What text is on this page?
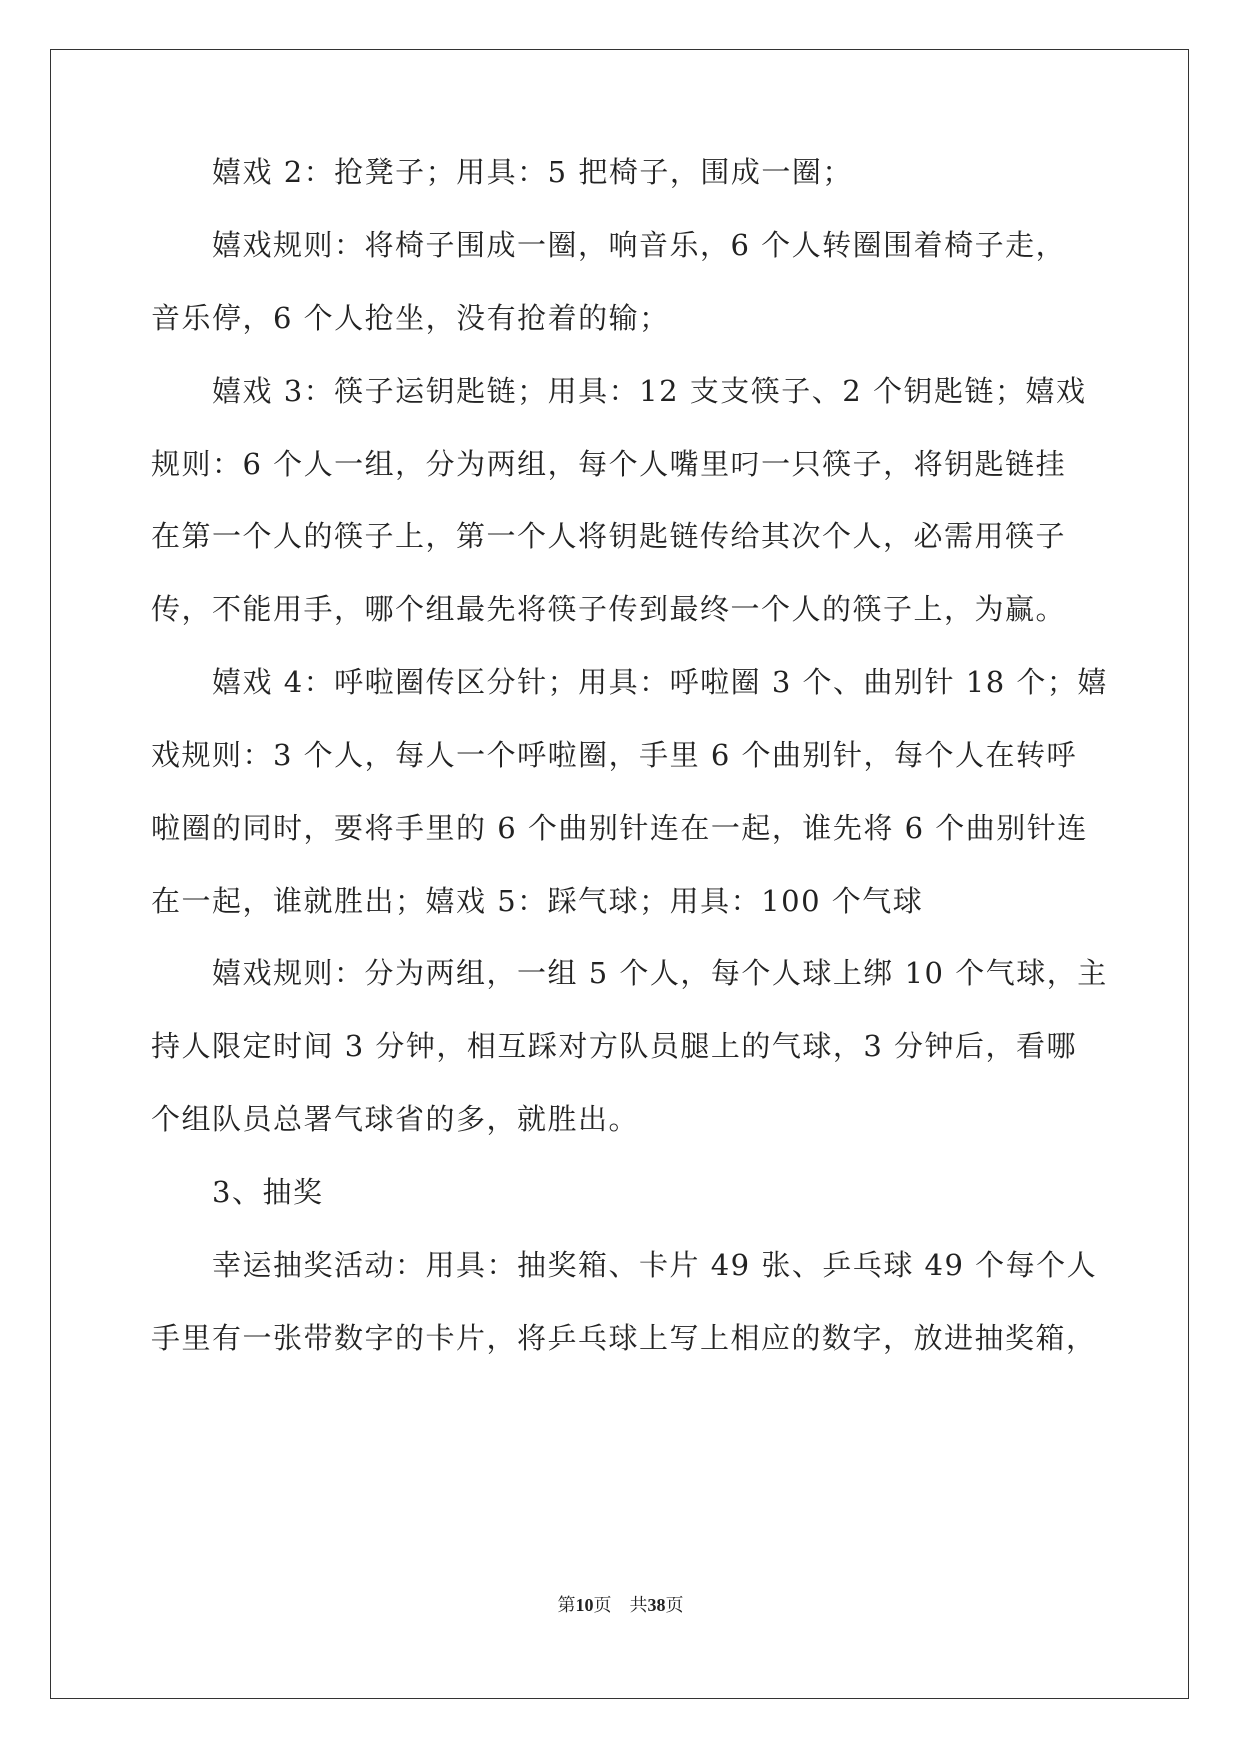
嬉戏 2：抢凳子；用具：5 把椅子，围成一圈；
嬉戏规则：将椅子围成一圈，响音乐，6 个人转圈围着椅子走，
音乐停，6 个人抢坐，没有抢着的输；
嬉戏 3：筷子运钥匙链；用具：12 支支筷子、2 个钥匙链；嬉戏
规则：6 个人一组，分为两组，每个人嘴里叼一只筷子，将钥匙链挂
在第一个人的筷子上，第一个人将钥匙链传给其次个人，必需用筷子
传，不能用手，哪个组最先将筷子传到最终一个人的筷子上，为赢。
嬉戏 4：呼啦圈传区分针；用具：呼啦圈 3 个、曲别针 18 个；嬉
戏规则：3 个人，每人一个呼啦圈，手里 6 个曲别针，每个人在转呼
啦圈的同时，要将手里的 6 个曲别针连在一起，谁先将 6 个曲别针连
在一起，谁就胜出；嬉戏 5：踩气球；用具：100 个气球
嬉戏规则：分为两组，一组 5 个人，每个人球上绑 10 个气球，主
持人限定时间 3 分钟，相互踩对方队员腿上的气球，3 分钟后，看哪
个组队员总署气球省的多，就胜出。
3、抽奖
幸运抽奖活动：用具：抽奖箱、卡片 49 张、乒乓球 49 个每个人
手里有一张带数字的卡片，将乒乓球上写上相应的数字，放进抽奖箱，
第10页 共38页
